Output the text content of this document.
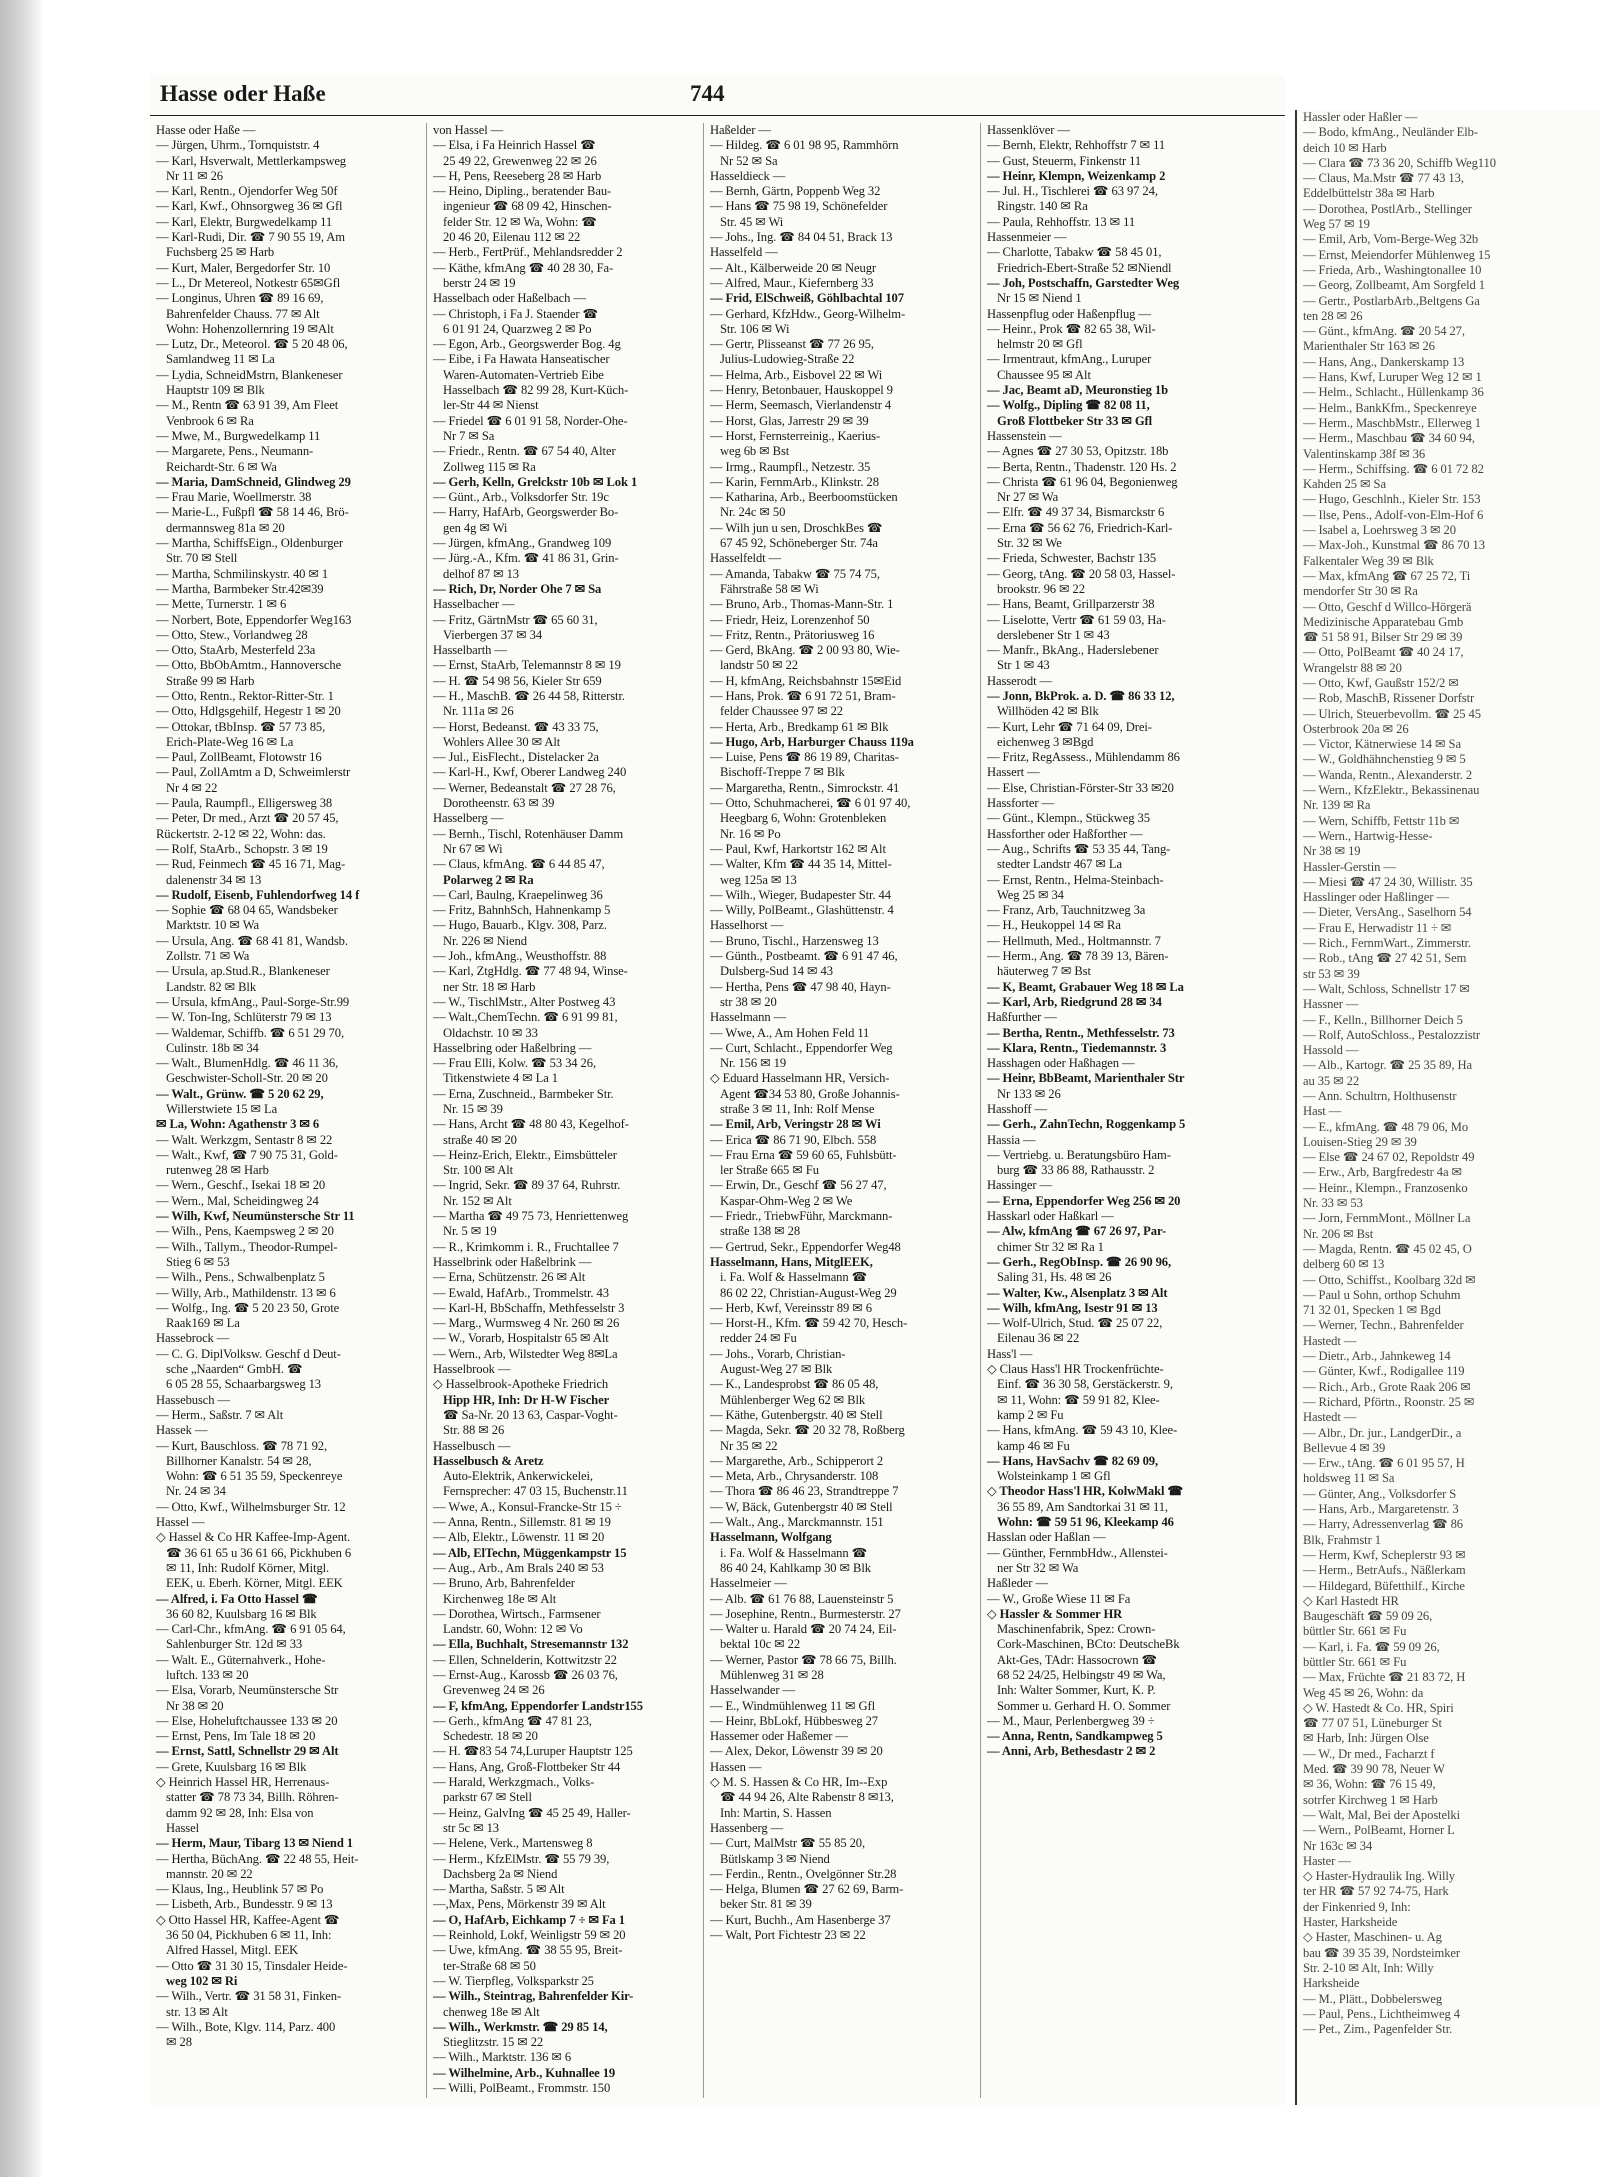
Hasse oder Haße	744
Hasse oder Haße —
— Jürgen, Uhrm., Tornquiststr. 4
— Karl, Hsverwalt, Mettlerkampsweg
Nr 11 ✉ 26
— Karl, Rentn., Ojendorfer Weg 50f
— Karl, Kwf., Ohnsorgweg 36 ✉ Gfl
— Karl, Elektr, Burgwedelkamp 11
— Karl-Rudi, Dir. ☎ 7 90 55 19, Am
Fuchsberg 25 ✉ Harb
— Kurt, Maler, Bergedorfer Str. 10
— L., Dr Metereol, Notkestr 65✉Gfl
— Longinus, Uhren ☎ 89 16 69,
Bahrenfelder Chauss. 77 ✉ Alt
Wohn: Hohenzollernring 19 ✉Alt
— Lutz, Dr., Meteorol. ☎ 5 20 48 06,
Samlandweg 11 ✉ La
— Lydia, SchneidMstrn, Blankeneser
Hauptstr 109 ✉ Blk
— M., Rentn ☎ 63 91 39, Am Fleet
Venbrook 6 ✉ Ra
— Mwe, M., Burgwedelkamp 11
— Margarete, Pens., Neumann-
Reichardt-Str. 6 ✉ Wa
— Maria, DamSchneid, Glindweg 29
— Frau Marie, Woellmerstr. 38
— Marie-L., Fußpfl ☎ 58 14 46, Brö-
dermannsweg 81a ✉ 20
— Martha, SchiffsEign., Oldenburger
Str. 70 ✉ Stell
— Martha, Schmilinskystr. 40 ✉ 1
— Martha, Barmbeker Str.42✉39
— Mette, Turnerstr. 1 ✉ 6
— Norbert, Bote, Eppendorfer Weg163
— Otto, Stew., Vorlandweg 28
— Otto, StaArb, Mesterfeld 23a
— Otto, BbObAmtm., Hannoversche
Straße 99 ✉ Harb
— Otto, Rentn., Rektor-Ritter-Str. 1
— Otto, Hdlgsgehilf, Hegestr 1 ✉ 20
— Ottokar, tBbInsp. ☎ 57 73 85,
Erich-Plate-Weg 16 ✉ La
— Paul, ZollBeamt, Flotowstr 16
— Paul, ZollAmtm a D, Schweimlerstr
Nr 4 ✉ 22
— Paula, Raumpfl., Elligersweg 38
— Peter, Dr med., Arzt ☎ 20 57 45,
Rückertstr. 2-12 ✉ 22, Wohn: das.
— Rolf, StaArb., Schopstr. 3 ✉ 19
— Rud, Feinmech ☎ 45 16 71, Mag-
dalenenstr 34 ✉ 13
— Rudolf, Eisenb, Fuhlendorfweg 14 f
— Sophie ☎ 68 04 65, Wandsbeker
Marktstr. 10 ✉ Wa
— Ursula, Ang. ☎ 68 41 81, Wandsb.
Zollstr. 71 ✉ Wa
— Ursula, ap.Stud.R., Blankeneser
Landstr. 82 ✉ Blk
— Ursula, kfmAng., Paul-Sorge-Str.99
— W. Ton-Ing, Schlüterstr 79 ✉ 13
— Waldemar, Schiffb. ☎ 6 51 29 70,
Culinstr. 18b ✉ 34
— Walt., BlumenHdlg. ☎ 46 11 36,
Geschwister-Scholl-Str. 20 ✉ 20
— Walt., Grünw. ☎ 5 20 62 29,
Willerstwiete 15 ✉ La
✉ La, Wohn: Agathenstr 3 ✉ 6
— Walt. Werkzgm, Sentastr 8 ✉ 22
— Walt., Kwf, ☎ 7 90 75 31, Gold-
rutenweg 28 ✉ Harb
— Wern., Geschf., Isekai 18 ✉ 20
— Wern., Mal, Scheidingweg 24
— Wilh, Kwf, Neumünstersche Str 11
— Wilh., Pens, Kaempsweg 2 ✉ 20
— Wilh., Tallym., Theodor-Rumpel-
Stieg 6 ✉ 53
— Wilh., Pens., Schwalbenplatz 5
— Willy, Arb., Mathildenstr. 13 ✉ 6
— Wolfg., Ing. ☎ 5 20 23 50, Grote
Raak169 ✉ La
Hassebrock —
— C. G. DiplVolksw. Geschf d Deut-
sche „Naarden“ GmbH. ☎
6 05 28 55, Schaarbargsweg 13
Hassebusch —
— Herm., Saßstr. 7 ✉ Alt
Hassek —
— Kurt, Bauschloss. ☎ 78 71 92,
Billhorner Kanalstr. 54 ✉ 28,
Wohn: ☎ 6 51 35 59, Speckenreye
Nr. 24 ✉ 34
— Otto, Kwf., Wilhelmsburger Str. 12
Hassel —
◇ Hassel & Co HR Kaffee-Imp-Agent.
☎ 36 61 65 u 36 61 66, Pickhuben 6
✉ 11, Inh: Rudolf Körner, Mitgl.
EEK, u. Eberh. Körner, Mitgl. EEK
— Alfred, i. Fa Otto Hassel ☎
36 60 82, Kuulsbarg 16 ✉ Blk
— Carl-Chr., kfmAng. ☎ 6 91 05 64,
Sahlenburger Str. 12d ✉ 33
— Walt. E., Güternahverk., Hohe-
luftch. 133 ✉ 20
— Elsa, Vorarb, Neumünstersche Str
Nr 38 ✉ 20
— Else, Hoheluftchaussee 133 ✉ 20
— Ernst, Pens, Im Tale 18 ✉ 20
— Ernst, Sattl, Schnellstr 29 ✉ Alt
— Grete, Kuulsbarg 16 ✉ Blk
◇ Heinrich Hassel HR, Herrenaus-
statter ☎ 78 73 34, Billh. Röhren-
damm 92 ✉ 28, Inh: Elsa von
Hassel
— Herm, Maur, Tibarg 13 ✉ Niend 1
— Hertha, BüchAng. ☎ 22 48 55, Heit-
mannstr. 20 ✉ 22
— Klaus, Ing., Heublink 57 ✉ Po
— Lisbeth, Arb., Bundesstr. 9 ✉ 13
◇ Otto Hassel HR, Kaffee-Agent ☎
36 50 04, Pickhuben 6 ✉ 11, Inh:
Alfred Hassel, Mitgl. EEK
— Otto ☎ 31 30 15, Tinsdaler Heide-
weg 102 ✉ Ri
— Wilh., Vertr. ☎ 31 58 31, Finken-
str. 13 ✉ Alt
— Wilh., Bote, Klgv. 114, Parz. 400
✉ 28
von Hassel —
— Elsa, i Fa Heinrich Hassel ☎
25 49 22, Grewenweg 22 ✉ 26
— H, Pens, Reeseberg 28 ✉ Harb
— Heino, Dipling., beratender Bau-
ingenieur ☎ 68 09 42, Hinschen-
felder Str. 12 ✉ Wa, Wohn: ☎
20 46 20, Eilenau 112 ✉ 22
— Herb., FertPrüf., Mehlandsredder 2
— Käthe, kfmAng ☎ 40 28 30, Fa-
berstr 24 ✉ 19
Hasselbach oder Haßelbach —
— Christoph, i Fa J. Staender ☎
6 01 91 24, Quarzweg 2 ✉ Po
— Egon, Arb., Georgswerder Bog. 4g
— Eibe, i Fa Hawata Hanseatischer
Waren-Automaten-Vertrieb Eibe
Hasselbach ☎ 82 99 28, Kurt-Küch-
ler-Str 44 ✉ Nienst
— Friedel ☎ 6 01 91 58, Norder-Ohe-
Nr 7 ✉ Sa
— Friedr., Rentn. ☎ 67 54 40, Alter
Zollweg 115 ✉ Ra
— Gerh, Kelln, Grelckstr 10b ✉ Lok 1
— Günt., Arb., Volksdorfer Str. 19c
— Harry, HafArb, Georgswerder Bo-
gen 4g ✉ Wi
— Jürgen, kfmAng., Grandweg 109
— Jürg.-A., Kfm. ☎ 41 86 31, Grin-
delhof 87 ✉ 13
— Rich, Dr, Norder Ohe 7 ✉ Sa
Hasselbacher —
— Fritz, GärtnMstr ☎ 65 60 31,
Vierbergen 37 ✉ 34
Hasselbarth —
— Ernst, StaArb, Telemannstr 8 ✉ 19
— H. ☎ 54 98 56, Kieler Str 659
— H., MaschB. ☎ 26 44 58, Ritterstr.
Nr. 111a ✉ 26
— Horst, Bedeanst. ☎ 43 33 75,
Wohlers Allee 30 ✉ Alt
— Jul., EisFlecht., Distelacker 2a
— Karl-H., Kwf, Oberer Landweg 240
— Werner, Bedeanstalt ☎ 27 28 76,
Dorotheenstr. 63 ✉ 39
Hasselberg —
— Bernh., Tischl, Rotenhäuser Damm
Nr 67 ✉ Wi
— Claus, kfmAng. ☎ 6 44 85 47,
Polarweg 2 ✉ Ra
— Carl, Baulng, Kraepelinweg 36
— Fritz, BahnhSch, Hahnenkamp 5
— Hugo, Bauarb., Klgv. 308, Parz.
Nr. 226 ✉ Niend
— Joh., kfmAng., Weusthoffstr. 88
— Karl, ZtgHdlg. ☎ 77 48 94, Winse-
ner Str. 18 ✉ Harb
— W., TischlMstr., Alter Postweg 43
— Walt.,ChemTechn. ☎ 6 91 99 81,
Oldachstr. 10 ✉ 33
Hasselbring oder Haßelbring —
— Frau Elli, Kolw. ☎ 53 34 26,
Titkenstwiete 4 ✉ La 1
— Erna, Zuschneid., Barmbeker Str.
Nr. 15 ✉ 39
— Hans, Archt ☎ 48 80 43, Kegelhof-
straße 40 ✉ 20
— Heinz-Erich, Elektr., Eimsbütteler
Str. 100 ✉ Alt
— Ingrid, Sekr. ☎ 89 37 64, Ruhrstr.
Nr. 152 ✉ Alt
— Martha ☎ 49 75 73, Henriettenweg
Nr. 5 ✉ 19
— R., Krimkomm i. R., Fruchtallee 7
Hasselbrink oder Haßelbrink —
— Erna, Schützenstr. 26 ✉ Alt
— Ewald, HafArb., Trommelstr. 43
— Karl-H, BbSchaffn, Methfesselstr 3
— Marg., Wurmsweg 4 Nr. 260 ✉ 26
— W., Vorarb, Hospitalstr 65 ✉ Alt
— Wern., Arb, Wilstedter Weg 8✉La
Hasselbrook —
◇ Hasselbrook-Apotheke Friedrich
Hipp HR, Inh: Dr H-W Fischer
☎ Sa-Nr. 20 13 63, Caspar-Voght-
Str. 88 ✉ 26
Hasselbusch —
Hasselbusch & Aretz
Auto-Elektrik, Ankerwickelei,
Fernsprecher: 47 03 15, Buchenstr.11
— Wwe, A., Konsul-Francke-Str 15 ÷
— Anna, Rentn., Sillemstr. 81 ✉ 19
— Alb, Elektr., Löwenstr. 11 ✉ 20
— Alb, ElTechn, Müggenkampstr 15
— Aug., Arb., Am Brals 240 ✉ 53
— Bruno, Arb, Bahrenfelder
Kirchenweg 18e ✉ Alt
— Dorothea, Wirtsch., Farmsener
Landstr. 60, Wohn: 12 ✉ Vo
— Ella, Buchhalt, Stresemannstr 132
— Ellen, Schnelderin, Kottwitzstr 22
— Ernst-Aug., Karossb ☎ 26 03 76,
Grevenweg 24 ✉ 26
— F, kfmAng, Eppendorfer Landstr155
— Gerh., kfmAng ☎ 47 81 23,
Schedestr. 18 ✉ 20
— H. ☎83 54 74,Luruper Hauptstr 125
— Hans, Ang, Groß-Flottbeker Str 44
— Harald, Werkzgmach., Volks-
parkstr 67 ✉ Stell
— Heinz, GalvIng ☎ 45 25 49, Haller-
str 5c ✉ 13
— Helene, Verk., Martensweg 8
— Herm., KfzElMstr. ☎ 55 79 39,
Dachsberg 2a ✉ Niend
— Martha, Saßstr. 5 ✉ Alt
—,Max, Pens, Mörkenstr 39 ✉ Alt
— O, HafArb, Eichkamp 7 ÷ ✉ Fa 1
— Reinhold, Lokf, Weinligstr 59 ✉ 20
— Uwe, kfmAng. ☎ 38 55 95, Breit-
ter-Straße 68 ✉ 50
— W. Tierpfleg, Volksparkstr 25
— Wilh., Steintrag, Bahrenfelder Kir-
chenweg 18e ✉ Alt
— Wilh., Werkmstr. ☎ 29 85 14,
Stieglitzstr. 15 ✉ 22
— Wilh., Marktstr. 136 ✉ 6
— Wilhelmine, Arb., Kuhnallee 19
— Willi, PolBeamt., Frommstr. 150
Haßelder —
— Hildeg. ☎ 6 01 98 95, Rammhörn
Nr 52 ✉ Sa
Hasseldieck —
— Bernh, Gärtn, Poppenb Weg 32
— Hans ☎ 75 98 19, Schönefelder
Str. 45 ✉ Wi
— Johs., Ing. ☎ 84 04 51, Brack 13
Hasselfeld —
— Alt., Kälberweide 20 ✉ Neugr
— Alfred, Maur., Kiefernberg 33
— Frid, ElSchweiß, Göhlbachtal 107
— Gerhard, KfzHdw., Georg-Wilhelm-
Str. 106 ✉ Wi
— Gertr, Plisseanst ☎ 77 26 95,
Julius-Ludowieg-Straße 22
— Helma, Arb., Eisbovel 22 ✉ Wi
— Henry, Betonbauer, Hauskoppel 9
— Herm, Seemasch, Vierlandenstr 4
— Horst, Glas, Jarrestr 29 ✉ 39
— Horst, Fernsterreinig., Kaerius-
weg 6b ✉ Bst
— Irmg., Raumpfl., Netzestr. 35
— Karin, FernmArb., Klinkstr. 28
— Katharina, Arb., Beerboomstücken
Nr. 24c ✉ 50
— Wilh jun u sen, DroschkBes ☎
67 45 92, Schöneberger Str. 74a
Hasselfeldt —
— Amanda, Tabakw ☎ 75 74 75,
Fährstraße 58 ✉ Wi
— Bruno, Arb., Thomas-Mann-Str. 1
— Friedr, Heiz, Lorenzenhof 50
— Fritz, Rentn., Prätoriusweg 16
— Gerd, BkAng. ☎ 2 00 93 80, Wie-
landstr 50 ✉ 22
— H, kfmAng, Reichsbahnstr 15✉Eid
— Hans, Prok. ☎ 6 91 72 51, Bram-
felder Chaussee 97 ✉ 22
— Herta, Arb., Bredkamp 61 ✉ Blk
— Hugo, Arb, Harburger Chauss 119a
— Luise, Pens ☎ 86 19 89, Charitas-
Bischoff-Treppe 7 ✉ Blk
— Margaretha, Rentn., Simrockstr. 41
— Otto, Schuhmacherei, ☎ 6 01 97 40,
Heegbarg 6, Wohn: Grotenbleken
Nr. 16 ✉ Po
— Paul, Kwf, Harkortstr 162 ✉ Alt
— Walter, Kfm ☎ 44 35 14, Mittel-
weg 125a ✉ 13
— Wilh., Wieger, Budapester Str. 44
— Willy, PolBeamt., Glashüttenstr. 4
Hasselhorst —
— Bruno, Tischl., Harzensweg 13
— Günth., Postbeamt. ☎ 6 91 47 46,
Dulsberg-Sud 14 ✉ 43
— Hertha, Pens ☎ 47 98 40, Hayn-
str 38 ✉ 20
Hasselmann —
— Wwe, A., Am Hohen Feld 11
— Curt, Schlacht., Eppendorfer Weg
Nr. 156 ✉ 19
◇ Eduard Hasselmann HR, Versich-
Agent ☎34 53 80, Große Johannis-
straße 3 ✉ 11, Inh: Rolf Mense
— Emil, Arb, Veringstr 28 ✉ Wi
— Erica ☎ 86 71 90, Elbch. 558
— Frau Erna ☎ 59 60 65, Fuhlsbütt-
ler Straße 665 ✉ Fu
— Erwin, Dr., Geschf ☎ 56 27 47,
Kaspar-Ohm-Weg 2 ✉ We
— Friedr., TriebwFühr, Marckmann-
straße 138 ✉ 28
— Gertrud, Sekr., Eppendorfer Weg48
Hasselmann, Hans, MitglEEK,
i. Fa. Wolf & Hasselmann ☎
86 02 22, Christian-August-Weg 29
— Herb, Kwf, Vereinsstr 89 ✉ 6
— Horst-H., Kfm. ☎ 59 42 70, Hesch-
redder 24 ✉ Fu
— Johs., Vorarb, Christian-
August-Weg 27 ✉ Blk
— K., Landesprobst ☎ 86 05 48,
Mühlenberger Weg 62 ✉ Blk
— Käthe, Gutenbergstr. 40 ✉ Stell
— Magda, Sekr. ☎ 20 32 78, Roßberg
Nr 35 ✉ 22
— Margarethe, Arb., Schipperort 2
— Meta, Arb., Chrysanderstr. 108
— Thora ☎ 86 46 23, Strandtreppe 7
— W, Bäck, Gutenbergstr 40 ✉ Stell
— Walt., Ang., Marckmannstr. 151
Hasselmann, Wolfgang
i. Fa. Wolf & Hasselmann ☎
86 40 24, Kahlkamp 30 ✉ Blk
Hasselmeier —
— Alb. ☎ 61 76 88, Lauensteinstr 5
— Josephine, Rentn., Burmesterstr. 27
— Walter u. Harald ☎ 20 74 24, Eil-
bektal 10c ✉ 22
— Werner, Pastor ☎ 78 66 75, Billh.
Mühlenweg 31 ✉ 28
Hasselwander —
— E., Windmühlenweg 11 ✉ Gfl
— Heinr, BbLokf, Hübbesweg 27
Hassemer oder Haßemer —
— Alex, Dekor, Löwenstr 39 ✉ 20
Hassen —
◇ M. S. Hassen & Co HR, Im--Exp
☎ 44 94 26, Alte Rabenstr 8 ✉13,
Inh: Martin, S. Hassen
Hassenberg —
— Curt, MalMstr ☎ 55 85 20,
Bütlskamp 3 ✉ Niend
— Ferdin., Rentn., Ovelgönner Str.28
— Helga, Blumen ☎ 27 62 69, Barm-
beker Str. 81 ✉ 39
— Kurt, Buchh., Am Hasenberge 37
— Walt, Port Fichtestr 23 ✉ 22
Hassenklöver —
— Bernh, Elektr, Rehhoffstr 7 ✉ 11
— Gust, Steuerm, Finkenstr 11
— Heinr, Klempn, Weizenkamp 2
— Jul. H., Tischlerei ☎ 63 97 24,
Ringstr. 140 ✉ Ra
— Paula, Rehhoffstr. 13 ✉ 11
Hassenmeier —
— Charlotte, Tabakw ☎ 58 45 01,
Friedrich-Ebert-Straße 52 ✉Niendl
— Joh, Postschaffn, Garstedter Weg
Nr 15 ✉ Niend 1
Hassenpflug oder Haßenpflug —
— Heinr., Prok ☎ 82 65 38, Wil-
helmstr 20 ✉ Gfl
— Irmentraut, kfmAng., Luruper
Chaussee 95 ✉ Alt
— Jac, Beamt aD, Meuronstieg 1b
— Wolfg., Dipling ☎ 82 08 11,
Groß Flottbeker Str 33 ✉ Gfl
Hassenstein —
— Agnes ☎ 27 30 53, Opitzstr. 18b
— Berta, Rentn., Thadenstr. 120 Hs. 2
— Christa ☎ 61 96 04, Begonienweg
Nr 27 ✉ Wa
— Elfr. ☎ 49 37 34, Bismarckstr 6
— Erna ☎ 56 62 76, Friedrich-Karl-
Str. 32 ✉ We
— Frieda, Schwester, Bachstr 135
— Georg, tAng. ☎ 20 58 03, Hassel-
brookstr. 96 ✉ 22
— Hans, Beamt, Grillparzerstr 38
— Liselotte, Vertr ☎ 61 59 03, Ha-
derslebener Str 1 ✉ 43
— Manfr., BkAng., Haderslebener
Str 1 ✉ 43
Hasserodt —
— Jonn, BkProk. a. D. ☎ 86 33 12,
Willhöden 42 ✉ Blk
— Kurt, Lehr ☎ 71 64 09, Drei-
eichenweg 3 ✉Bgd
— Fritz, RegAssess., Mühlendamm 86
Hassert —
— Else, Christian-Förster-Str 33 ✉20
Hassforter —
— Günt., Klempn., Stückweg 35
Hassforther oder Haßforther —
— Aug., Schrifts ☎ 53 35 44, Tang-
stedter Landstr 467 ✉ La
— Ernst, Rentn., Helma-Steinbach-
Weg 25 ✉ 34
— Franz, Arb, Tauchnitzweg 3a
— H., Heukoppel 14 ✉ Ra
— Hellmuth, Med., Holtmannstr. 7
— Herm., Ang. ☎ 78 39 13, Bären-
häuterweg 7 ✉ Bst
— K, Beamt, Grabauer Weg 18 ✉ La
— Karl, Arb, Riedgrund 28 ✉ 34
Haßfurther —
— Bertha, Rentn., Methfesselstr. 73
— Klara, Rentn., Tiedemannstr. 3
Hasshagen oder Haßhagen —
— Heinr, BbBeamt, Marienthaler Str
Nr 133 ✉ 26
Hasshoff —
— Gerh., ZahnTechn, Roggenkamp 5
Hassia —
— Vertriebg. u. Beratungsbüro Ham-
burg ☎ 33 86 88, Rathausstr. 2
Hassinger —
— Erna, Eppendorfer Weg 256 ✉ 20
Hasskarl oder Haßkarl —
— Alw, kfmAng ☎ 67 26 97, Par-
chimer Str 32 ✉ Ra 1
— Gerh., RegObInsp. ☎ 26 90 96,
Saling 31, Hs. 48 ✉ 26
— Walter, Kw., Alsenplatz 3 ✉ Alt
— Wilh, kfmAng, Isestr 91 ✉ 13
— Wolf-Ulrich, Stud. ☎ 25 07 22,
Eilenau 36 ✉ 22
Hass'l —
◇ Claus Hass'l HR Trockenfrüchte-
Einf. ☎ 36 30 58, Gerstäckerstr. 9,
✉ 11, Wohn: ☎ 59 91 82, Klee-
kamp 2 ✉ Fu
— Hans, kfmAng. ☎ 59 43 10, Klee-
kamp 46 ✉ Fu
— Hans, HavSachv ☎ 82 69 09,
Wolsteinkamp 1 ✉ Gfl
◇ Theodor Hass'l HR, KolwMakl ☎
36 55 89, Am Sandtorkai 31 ✉ 11,
Wohn: ☎ 59 51 96, Kleekamp 46
Hasslan oder Haßlan —
— Günther, FernmbHdw., Allenstei-
ner Str 32 ✉ Wa
Haßleder —
— W., Große Wiese 11 ✉ Fa
◇ Hassler & Sommer HR
Maschinenfabrik, Spez: Crown-
Cork-Maschinen, BCto: DeutscheBk
Akt-Ges, TAdr: Hassocrown ☎
68 52 24/25, Helbingstr 49 ✉ Wa,
Inh: Walter Sommer, Kurt, K. P.
Sommer u. Gerhard H. O. Sommer
— M., Maur, Perlenbergweg 39 ÷
— Anna, Rentn, Sandkampweg 5
— Anni, Arb, Bethesdastr 2 ✉ 2
Hassler oder Haßler —
— Bodo, kfmAng., Neuländer Elb-
deich 10 ✉ Harb
— Clara ☎ 73 36 20, Schiffb Weg110
— Claus, Ma.Mstr ☎ 77 43 13,
Eddelbüttelstr 38a ✉ Harb
— Dorothea, PostlArb., Stellinger
Weg 57 ✉ 19
— Emil, Arb, Vom-Berge-Weg 32b
— Ernst, Meiendorfer Mühlenweg 15
— Frieda, Arb., Washingtonallee 10
— Georg, Zollbeamt, Am Sorgfeld 1
— Gertr., PostlarbArb.,Beltgens Ga
ten 28 ✉ 26
— Günt., kfmAng. ☎ 20 54 27,
Marienthaler Str 163 ✉ 26
— Hans, Ang., Dankerskamp 13
— Hans, Kwf, Luruper Weg 12 ✉ 1
— Helm., Schlacht., Hüllenkamp 36
— Helm., BankKfm., Speckenreye
— Herm., MaschbMstr., Ellerweg 1
— Herm., Maschbau ☎ 34 60 94,
Valentinskamp 38f ✉ 36
— Herm., Schiffsing. ☎ 6 01 72 82
Kahden 25 ✉ Sa
— Hugo, Geschlnh., Kieler Str. 153
— Ilse, Pens., Adolf-von-Elm-Hof 6
— Isabel a, Loehrsweg 3 ✉ 20
— Max-Joh., Kunstmal ☎ 86 70 13
Falkentaler Weg 39 ✉ Blk
— Max, kfmAng ☎ 67 25 72, Ti
mendorfer Str 30 ✉ Ra
— Otto, Geschf d Willco-Hörgerä
Medizinische Apparatebau Gmb
☎ 51 58 91, Bilser Str 29 ✉ 39
— Otto, PolBeamt ☎ 40 24 17,
Wrangelstr 88 ✉ 20
— Otto, Kwf, Gaußstr 152/2 ✉
— Rob, MaschB, Rissener Dorfstr
— Ulrich, Steuerbevollm. ☎ 25 45
Osterbrook 20a ✉ 26
— Victor, Kätnerwiese 14 ✉ Sa
— W., Goldhähnchenstieg 9 ✉ 5
— Wanda, Rentn., Alexanderstr. 2
— Wern., KfzElektr., Bekassinenau
Nr. 139 ✉ Ra
— Wern, Schiffb, Fettstr 11b ✉
— Wern., Hartwig-Hesse-
Nr 38 ✉ 19
Hassler-Gerstin —
— Miesi ☎ 47 24 30, Willistr. 35
Hasslinger oder Haßlinger —
— Dieter, VersAng., Saselhorn 54
— Frau E, Herwadistr 11 ÷ ✉
— Rich., FernmWart., Zimmerstr.
— Rob., tAng ☎ 27 42 51, Sem
str 53 ✉ 39
— Walt, Schloss, Schnellstr 17 ✉
Hassner —
— F., Kelln., Billhorner Deich 5
— Rolf, AutoSchloss., Pestalozzistr
Hassold —
— Alb., Kartogr. ☎ 25 35 89, Ha
au 35 ✉ 22
— Ann. Schultrn, Holthusenstr
Hast —
— E., kfmAng. ☎ 48 79 06, Mo
Louisen-Stieg 29 ✉ 39
— Else ☎ 24 67 02, Repoldstr 49
— Erw., Arb, Bargfredestr 4a ✉
— Heinr., Klempn., Franzosenko
Nr. 33 ✉ 53
— Jorn, FernmMont., Möllner La
Nr. 206 ✉ Bst
— Magda, Rentn. ☎ 45 02 45, O
delberg 60 ✉ 13
— Otto, Schiffst., Koolbarg 32d ✉
— Paul u Sohn, orthop Schuhm
71 32 01, Specken 1 ✉ Bgd
— Werner, Techn., Bahrenfelder
Hastedt —
— Dietr., Arb., Jahnkeweg 14
— Günter, Kwf., Rodigallee 119
— Rich., Arb., Grote Raak 206 ✉
— Richard, Pförtn., Roonstr. 25 ✉
Hastedt —
— Albr., Dr. jur., LandgerDir., a
Bellevue 4 ✉ 39
— Erw., tAng. ☎ 6 01 95 57, H
holdsweg 11 ✉ Sa
— Günter, Ang., Volksdorfer S
— Hans, Arb., Margaretenstr. 3
— Harry, Adressenverlag ☎ 86
Blk, Frahmstr 1
— Herm, Kwf, Scheplerstr 93 ✉
— Herm., BetrAufs., Näßlerkam
— Hildegard, Büfetthilf., Kirche
◇ Karl Hastedt HR
Baugeschäft ☎ 59 09 26,
büttler Str. 661 ✉ Fu
— Karl, i. Fa. ☎ 59 09 26,
büttler Str. 661 ✉ Fu
— Max, Früchte ☎ 21 83 72, H
Weg 45 ✉ 26, Wohn: da
◇ W. Hastedt & Co. HR, Spiri
☎ 77 07 51, Lüneburger St
✉ Harb, Inh: Jürgen Olse
— W., Dr med., Facharzt f
Med. ☎ 39 90 78, Neuer W
✉ 36, Wohn: ☎ 76 15 49,
sotrfer Kirchweg 1 ✉ Harb
— Walt, Mal, Bei der Apostelki
— Wern., PolBeamt, Horner L
Nr 163c ✉ 34
Haster —
◇ Haster-Hydraulik Ing. Willy
ter HR ☎ 57 92 74-75, Hark
der Finkenried 9, Inh:
Haster, Harksheide
◇ Haster, Maschinen- u. Ag
bau ☎ 39 35 39, Nordsteimker
Str. 2-10 ✉ Alt, Inh: Willy
Harksheide
— M., Plätt., Dobbelersweg
— Paul, Pens., Lichtheimweg 4
— Pet., Zim., Pagenfelder Str.
